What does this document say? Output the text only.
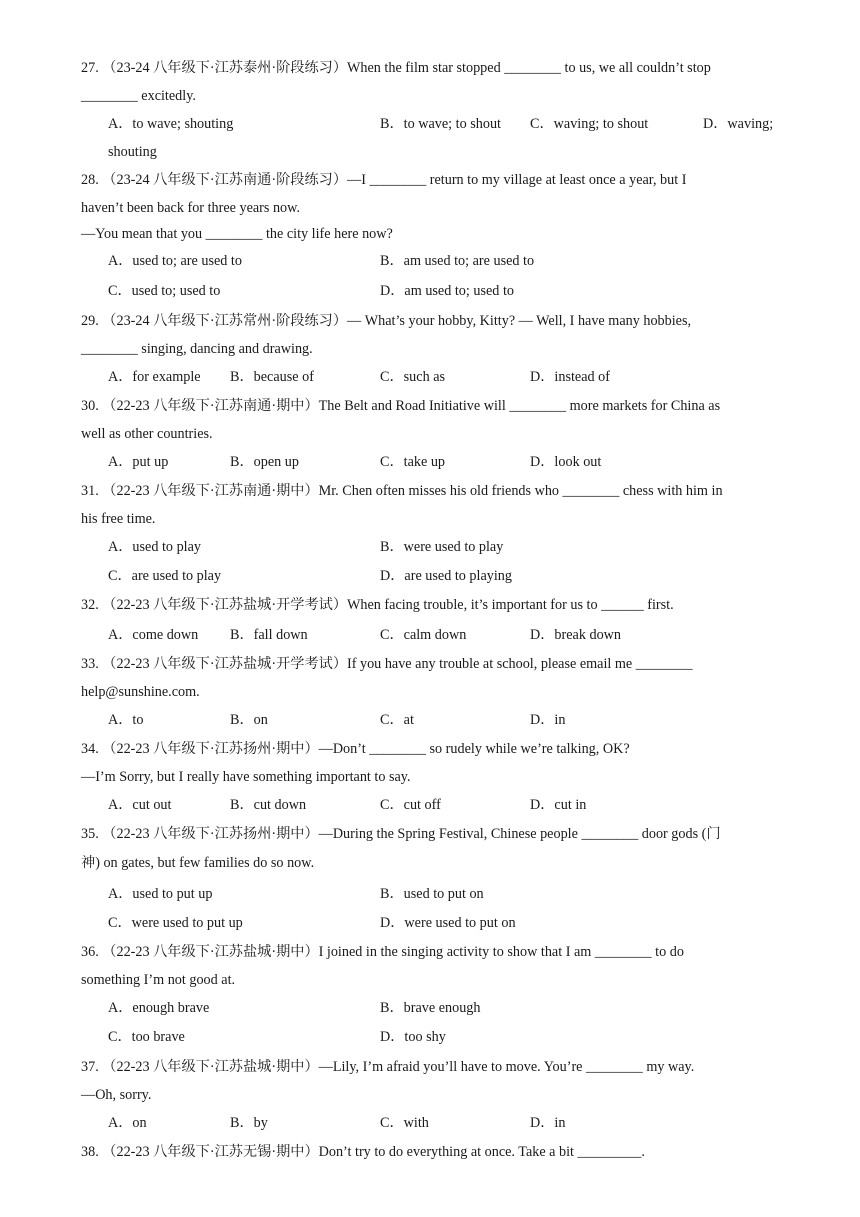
27. （23-24 八年级下·江苏泰州·阶段练习）When the film star stopped ________ to us, we all couldn’t stop
________ excitedly.
A．to wave; shouting	B．to wave; to shout C．waving; to shout	D．waving;
shouting
28. （23-24 八年级下·江苏南通·阶段练习）—I ________ return to my village at least once a year, but I
haven’t been back for three years now.
—You mean that you ________ the city life here now?
A．used to; are used to	B．am used to; are used to
C．used to; used to	D．am used to; used to
29. （23-24 八年级下·江苏常州·阶段练习）— What’s your hobby, Kitty? — Well, I have many hobbies,
________ singing, dancing and drawing.
A．for example B．because of	C．such as	D．instead of
30. （22-23 八年级下·江苏南通·期中）The Belt and Road Initiative will ________ more markets for China as
well as other countries.
A．put up	B．open up	C．take up	D．look out
31. （22-23 八年级下·江苏南通·期中）Mr. Chen often misses his old friends who ________ chess with him in
his free time.
A．used to play	B．were used to play
C．are used to play	D．are used to playing
32. （22-23 八年级下·江苏盐城·开学考试）When facing trouble, it’s important for us to ______ first.
A．come down B．fall down	C．calm down	D．break down
33. （22-23 八年级下·江苏盐城·开学考试）If you have any trouble at school, please email me ________
help@sunshine.com.
A．to	B．on	C．at	D．in
34. （22-23 八年级下·江苏扬州·期中）—Don’t ________ so rudely while we’re talking, OK?
—I’m Sorry, but I really have something important to say.
A．cut out	B．cut down	C．cut off	D．cut in
35. （22-23 八年级下·江苏扬州·期中）—During the Spring Festival, Chinese people ________ door gods (门
神) on gates, but few families do so now.
A．used to put up	B．used to put on
C．were used to put up	D．were used to put on
36. （22-23 八年级下·江苏盐城·期中）I joined in the singing activity to show that I am ________ to do
something I’m not good at.
A．enough brave	B．brave enough
C．too brave	D．too shy
37. （22-23 八年级下·江苏盐城·期中）—Lily, I’m afraid you’ll have to move. You’re ________ my way.
—Oh, sorry.
A．on	B．by	C．with	D．in
38. （22-23 八年级下·江苏无锡·期中）Don’t try to do everything at once. Take a bit _________.
